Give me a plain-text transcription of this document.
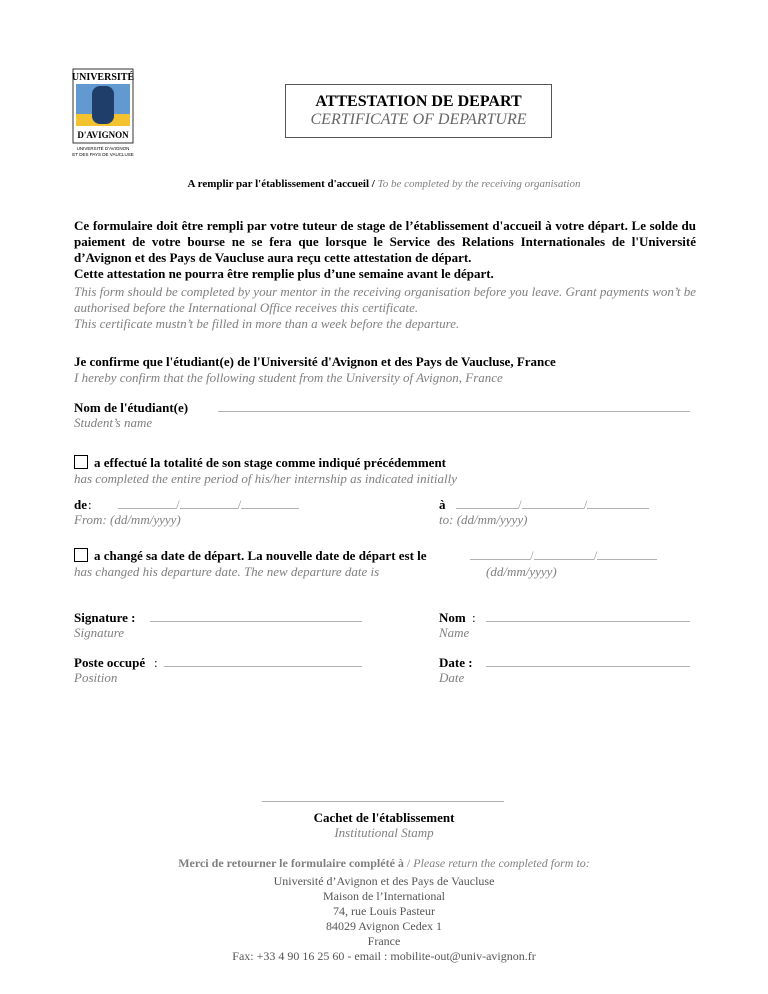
UNIVERSITÉ
D'AVIGNON
UNIVERSITÉ D'AVIGNON
ET DES PAYS DE VAUCLUSE
ATTESTATION DE DEPART
CERTIFICATE OF DEPARTURE
A remplir par l'établissement d'accueil / To be completed by the receiving organisation
Ce formulaire doit être rempli par votre tuteur de stage de l’établissement d'accueil à votre départ. Le solde du paiement de votre bourse ne se fera que lorsque le Service des Relations Internationales de l'Université d’Avignon et des Pays de Vaucluse aura reçu cette attestation de départ.
Cette attestation ne pourra être remplie plus d’une semaine avant le départ.
This form should be completed by your mentor in the receiving organisation before you leave. Grant payments won’t be authorised before the International Office receives this certificate.
This certificate mustn’t be filled in more than a week before the departure.
Je confirme que l'étudiant(e) de l'Université d'Avignon et des Pays de Vaucluse, France
I hereby confirm that the following student from the University of Avignon, France
Nom de l'étudiant(e)
Student’s name
a effectué la totalité de son stage comme indiqué précédemment
has completed the entire period of his/her internship as indicated initially
de :	/	/
From: (dd/mm/yyyy)
à	/	/
to: (dd/mm/yyyy)
a changé sa date de départ. La nouvelle date de départ est le	/	/
has changed his departure date. The new departure date is	(dd/mm/yyyy)
Signature :
Signature
Nom :
Name
Poste occupé :
Position
Date :
Date
Cachet de l'établissement
Institutional Stamp
Merci de retourner le formulaire complété à / Please return the completed form to:
Université d’Avignon et des Pays de Vaucluse
Maison de l’International
74, rue Louis Pasteur
84029 Avignon Cedex 1
France
Fax: +33 4 90 16 25 60 - email : mobilite-out@univ-avignon.fr
